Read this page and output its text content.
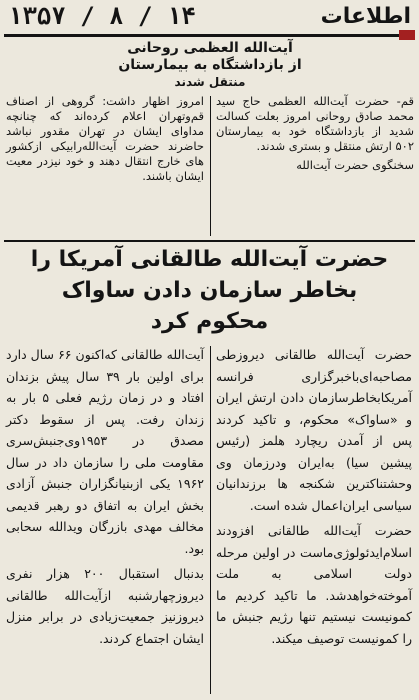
اطلاعات
۱۳۵۷ / ۸ / ۱۴
آیت‌الله العظمی روحانی
از بازداشتگاه به بیمارستان
منتقل شدند

قم- حضرت آیت‌الله العظمی حاج سید محمد صادق روحانی امروز بعلت کسالت شدید از بازداشتگاه خود به بیمارستان ۵۰۲ ارتش منتقل و بستری شدند.

سخنگوی حضرت آیت‌الله

امروز اظهار داشت: گروهی از اصناف قم‌وتهران اعلام کرده‌اند که چنانچه مداوای ایشان در تهران مقدور نباشد حاضرند حضرت آیت‌الله‌رابیکی ازکشور های خارج انتقال دهند و خود نیزدر معیت ایشان باشند.

حضرت آیت‌الله طالقانی آمریکا را
بخاطر سازمان دادن ساواک
محکوم کرد

حضرت آیت‌الله طالقانی دیروزطی مصاحبه‌ای‌باخبرگزاری فرانسه آمریکابخاطرسازمان دادن ارتش ایران و «ساواک» محکوم، و تاکید کردند پس از آمدن ریچارد هلمز (رئیس پیشین سیا) به‌ایران ودرزمان وی وحشتناکترین شکنجه ها برزندانیان سیاسی ایران‌اعمال شده است.

حضرت آیت‌الله طالقانی افزودند اسلام‌ایدئولوژی‌ماست در اولین مرحله دولت اسلامی به ملت آموخته‌خواهدشد. ما تاکید کردیم ما کمونیست نیستیم تنها رژیم جنبش ما را کمونیست توصیف میکند.

آیت‌الله طالقانی که‌اکنون ۶۶ سال دارد برای اولین بار ۳۹ سال پیش بزندان افتاد و در زمان رژیم فعلی ۵ بار به زندان رفت. پس از سقوط دکتر مصدق در ۱۹۵۳وی‌جنبش‌سری مقاومت ملی را سازمان داد در سال ۱۹۶۲ یکی ازبنیانگزاران جنبش آزادی بخش ایران به اتفاق دو رهبر قدیمی مخالف مهدی بازرگان ویدالله سحابی بود.

بدنبال استقبال ۲۰۰ هزار نفری دیروزچهارشنبه ازآیت‌الله طالقانی دیروزنیز جمعیت‌زیادی در برابر منزل ایشان اجتماع کردند.
